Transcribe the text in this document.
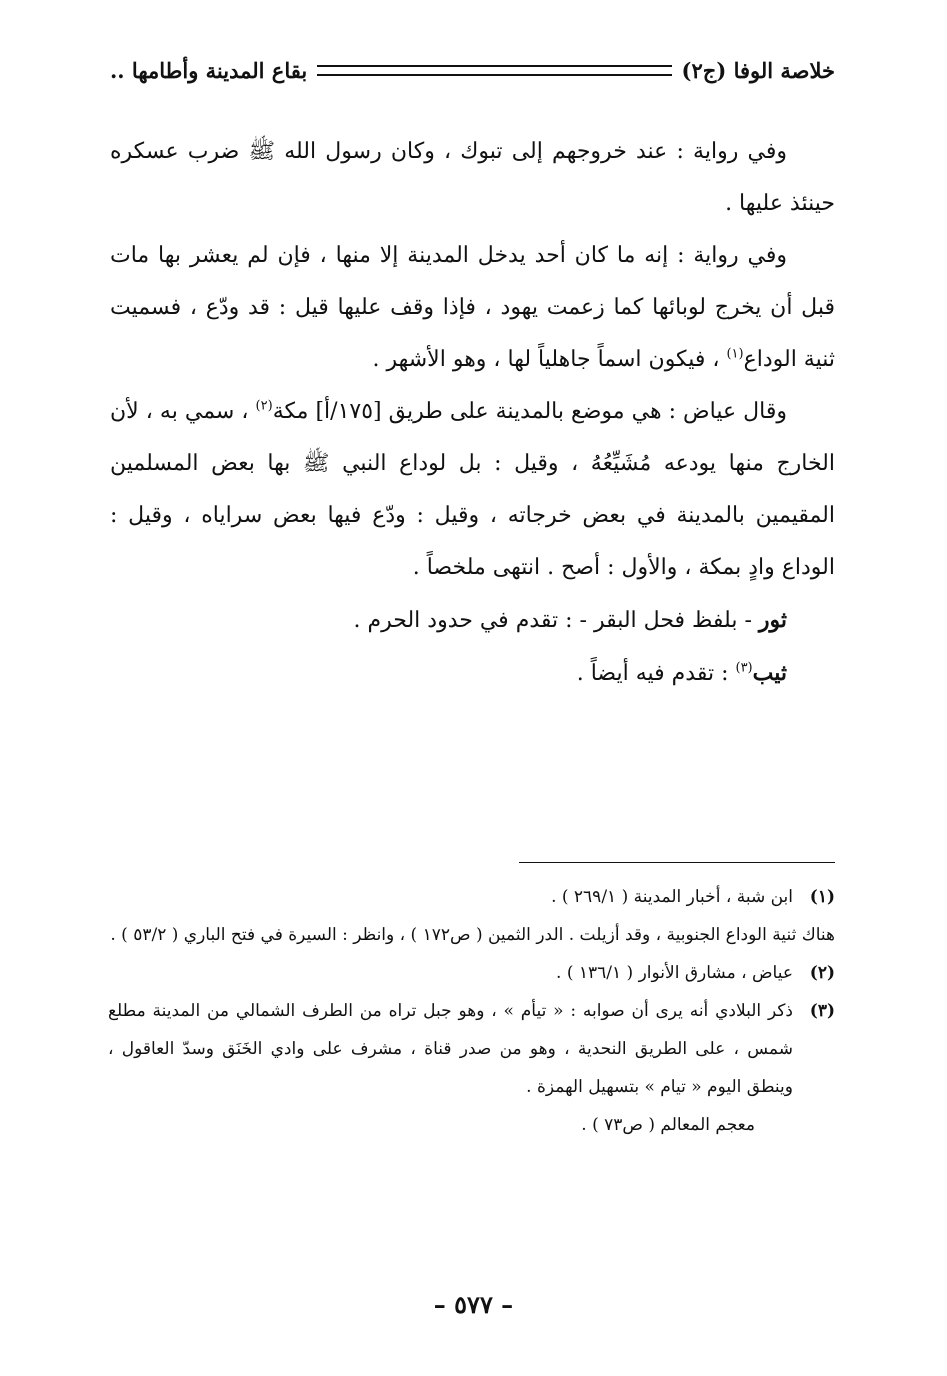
خلاصة الوفا (ج٢)
بقاع المدينة وأطامها ..

وفي رواية : عند خروجهم إلى تبوك ، وكان رسول الله ﷺ ضرب عسكره حينئذ عليها .

وفي رواية : إنه ما كان أحد يدخل المدينة إلا منها ، فإن لم يعشر بها مات قبل أن يخرج لوبائها كما زعمت يهود ، فإذا وقف عليها قيل : قد ودّع ، فسميت ثنية الوداع$^{(١)}$ ، فيكون اسماً جاهلياً لها ، وهو الأشهر .

وقال عياض : هي موضع بالمدينة على طريق [١٧٥/أ] مكة$^{(٢)}$ ، سمي به ، لأن الخارج منها يودعه مُشَيِّعُهُ ، وقيل : بل لوداع النبي ﷺ بها بعض المسلمين المقيمين بالمدينة في بعض خرجاته ، وقيل : ودّع فيها بعض سراياه ، وقيل : الوداع وادٍ بمكة ، والأول : أصح . انتهى ملخصاً .

ثور - بلفظ فحل البقر - : تقدم في حدود الحرم .

ثيب$^{(٣)}$ : تقدم فيه أيضاً .

(١)
ابن شبة ، أخبار المدينة ( ٢٦٩/١ ) .
هناك ثنية الوداع الجنوبية ، وقد أزيلت . الدر الثمين ( ص١٧٢ ) ، وانظر : السيرة في فتح الباري ( ٥٣/٢ ) .
(٢)
عياض ، مشارق الأنوار ( ١٣٦/١ ) .
(٣)
ذكر البلادي أنه يرى أن صوابه : « تيأم » ، وهو جبل تراه من الطرف الشمالي من المدينة مطلع شمس ، على الطريق النحدية ، وهو من صدر قناة ، مشرف على وادي الخَنَق وسدّ العاقول ، وينطق اليوم « تيام » بتسهيل الهمزة .
معجم المعالم ( ص٧٣ ) .
– ٥٧٧ –
